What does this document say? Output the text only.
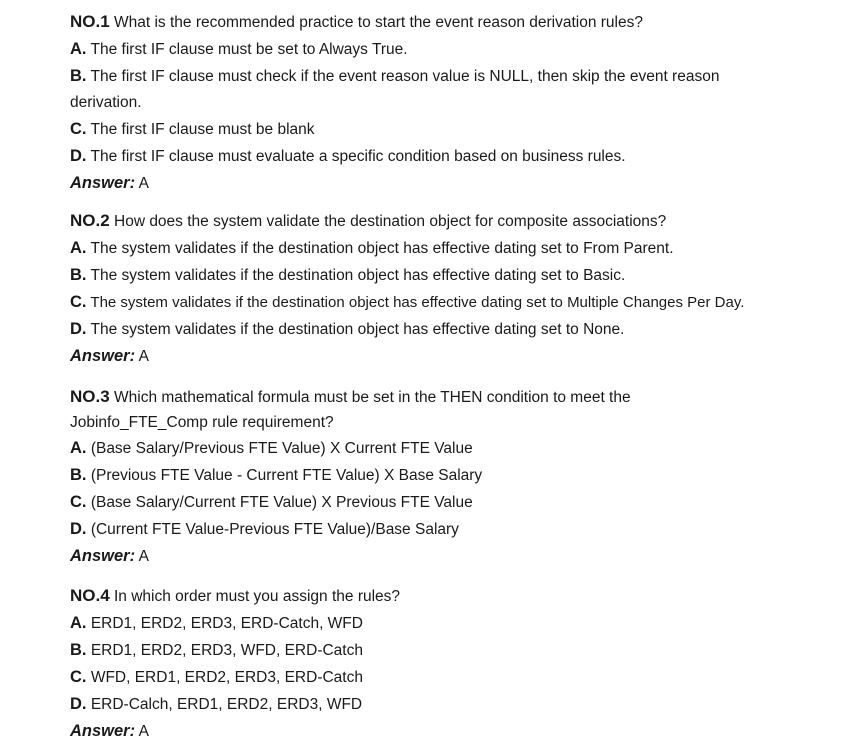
NO.1 What is the recommended practice to start the event reason derivation rules?
A. The first IF clause must be set to Always True.
B. The first IF clause must check if the event reason value is NULL, then skip the event reason derivation.
C. The first IF clause must be blank
D. The first IF clause must evaluate a specific condition based on business rules.
Answer: A
NO.2 How does the system validate the destination object for composite associations?
A. The system validates if the destination object has effective dating set to From Parent.
B. The system validates if the destination object has effective dating set to Basic.
C. The system validates if the destination object has effective dating set to Multiple Changes Per Day.
D. The system validates if the destination object has effective dating set to None.
Answer: A
NO.3 Which mathematical formula must be set in the THEN condition to meet the Jobinfo_FTE_Comp rule requirement?
A. (Base Salary/Previous FTE Value) X Current FTE Value
B. (Previous FTE Value - Current FTE Value) X Base Salary
C. (Base Salary/Current FTE Value) X Previous FTE Value
D. (Current FTE Value-Previous FTE Value)/Base Salary
Answer: A
NO.4 In which order must you assign the rules?
A. ERD1, ERD2, ERD3, ERD-Catch, WFD
B. ERD1, ERD2, ERD3, WFD, ERD-Catch
C. WFD, ERD1, ERD2, ERD3, ERD-Catch
D. ERD-Calch, ERD1, ERD2, ERD3, WFD
Answer: A
